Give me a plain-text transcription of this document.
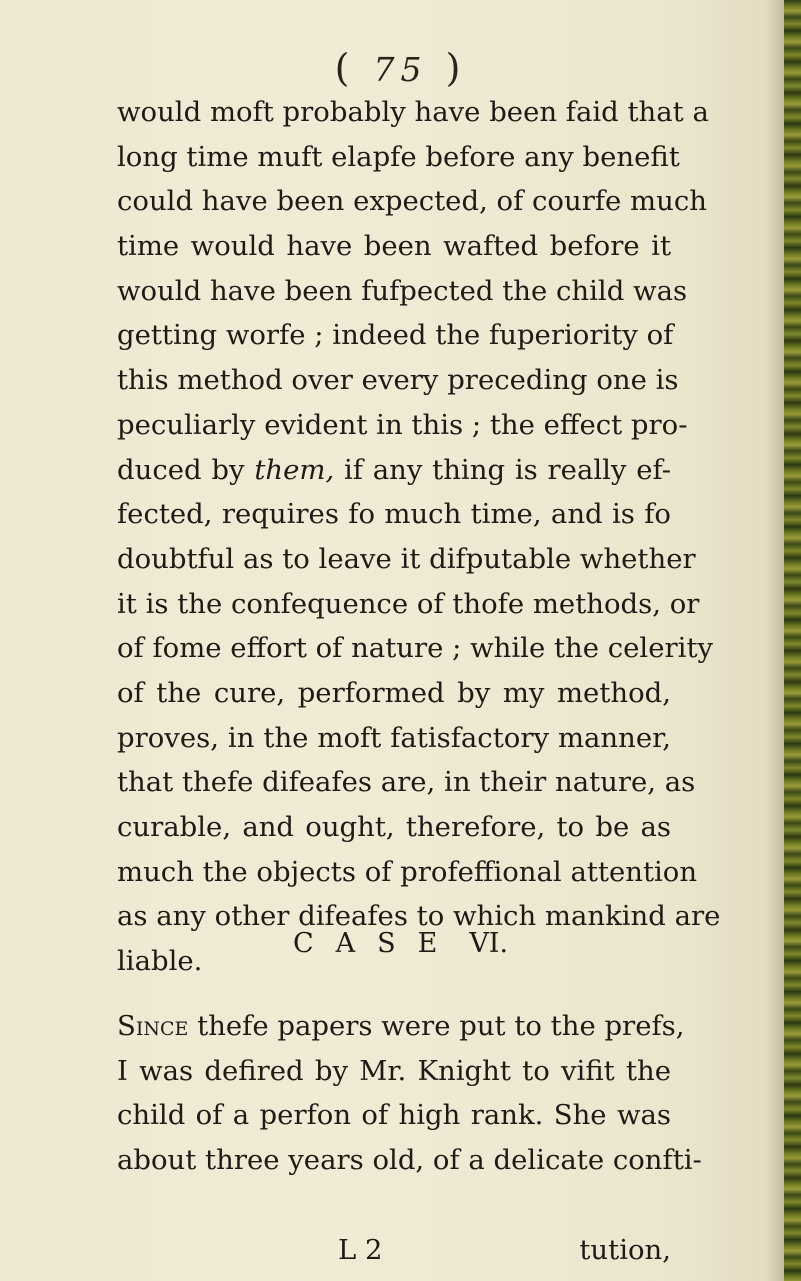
( 75 )
would moft probably have been faid that a
long time muft elapfe before any benefit
could have been expected, of courfe much
time would have been wafted before it
would have been fufpected the child was
getting worfe ; indeed the fuperiority of
this method over every preceding one is
peculiarly evident in this ; the effect pro-
duced by them, if any thing is really ef-
fected, requires fo much time, and is fo
doubtful as to leave it difputable whether
it is the confequence of thofe methods, or
of fome effort of nature ; while the celerity
of the cure, performed by my method,
proves, in the moft fatisfactory manner,
that thefe difeafes are, in their nature, as
curable, and ought, therefore, to be as
much the objects of profeffional attention
as any other difeafes to which mankind are
liable.
CASE VI.
Since thefe papers were put to the prefs,
I was defired by Mr. Knight to vifit the
child of a perfon of high rank. She was
about three years old, of a delicate confti-
L 2	tution,
